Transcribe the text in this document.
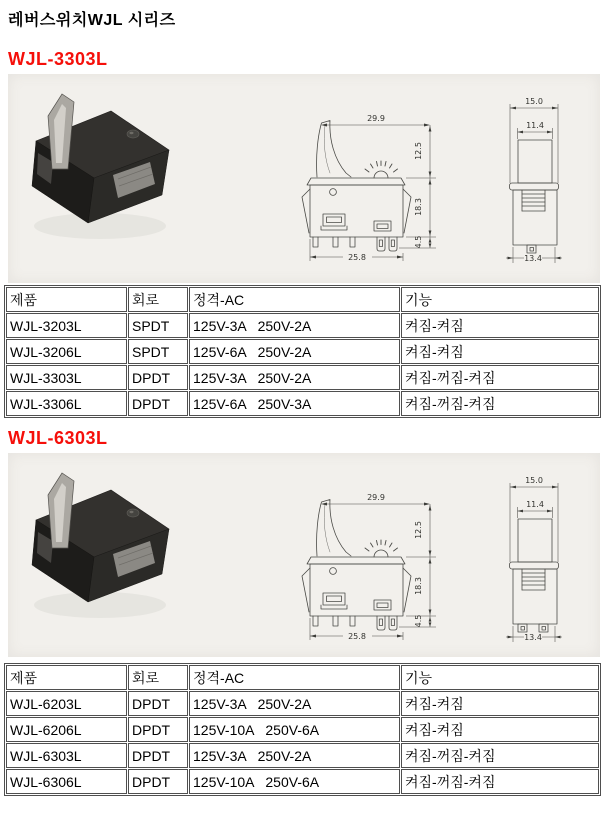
레버스위치WJL 시리즈
WJL-3303L
29.9
12.5
18.3
4.5
25.8
15.0
11.4
13.4
제품	회로	정격-AC	기능
WJL-3203L	SPDT	125V-3A   250V-2A	켜짐-켜짐
WJL-3206L	SPDT	125V-6A   250V-2A	켜짐-켜짐
WJL-3303L	DPDT	125V-3A   250V-2A	켜짐-꺼짐-켜짐
WJL-3306L	DPDT	125V-6A   250V-3A	켜짐-꺼짐-켜짐
WJL-6303L
29.9
12.5
18.3
4.5
25.8
15.0
11.4
13.4
제품	회로	정격-AC	기능
WJL-6203L	DPDT	125V-3A   250V-2A	켜짐-켜짐
WJL-6206L	DPDT	125V-10A   250V-6A	켜짐-켜짐
WJL-6303L	DPDT	125V-3A   250V-2A	켜짐-꺼짐-켜짐
WJL-6306L	DPDT	125V-10A   250V-6A	켜짐-꺼짐-켜짐
